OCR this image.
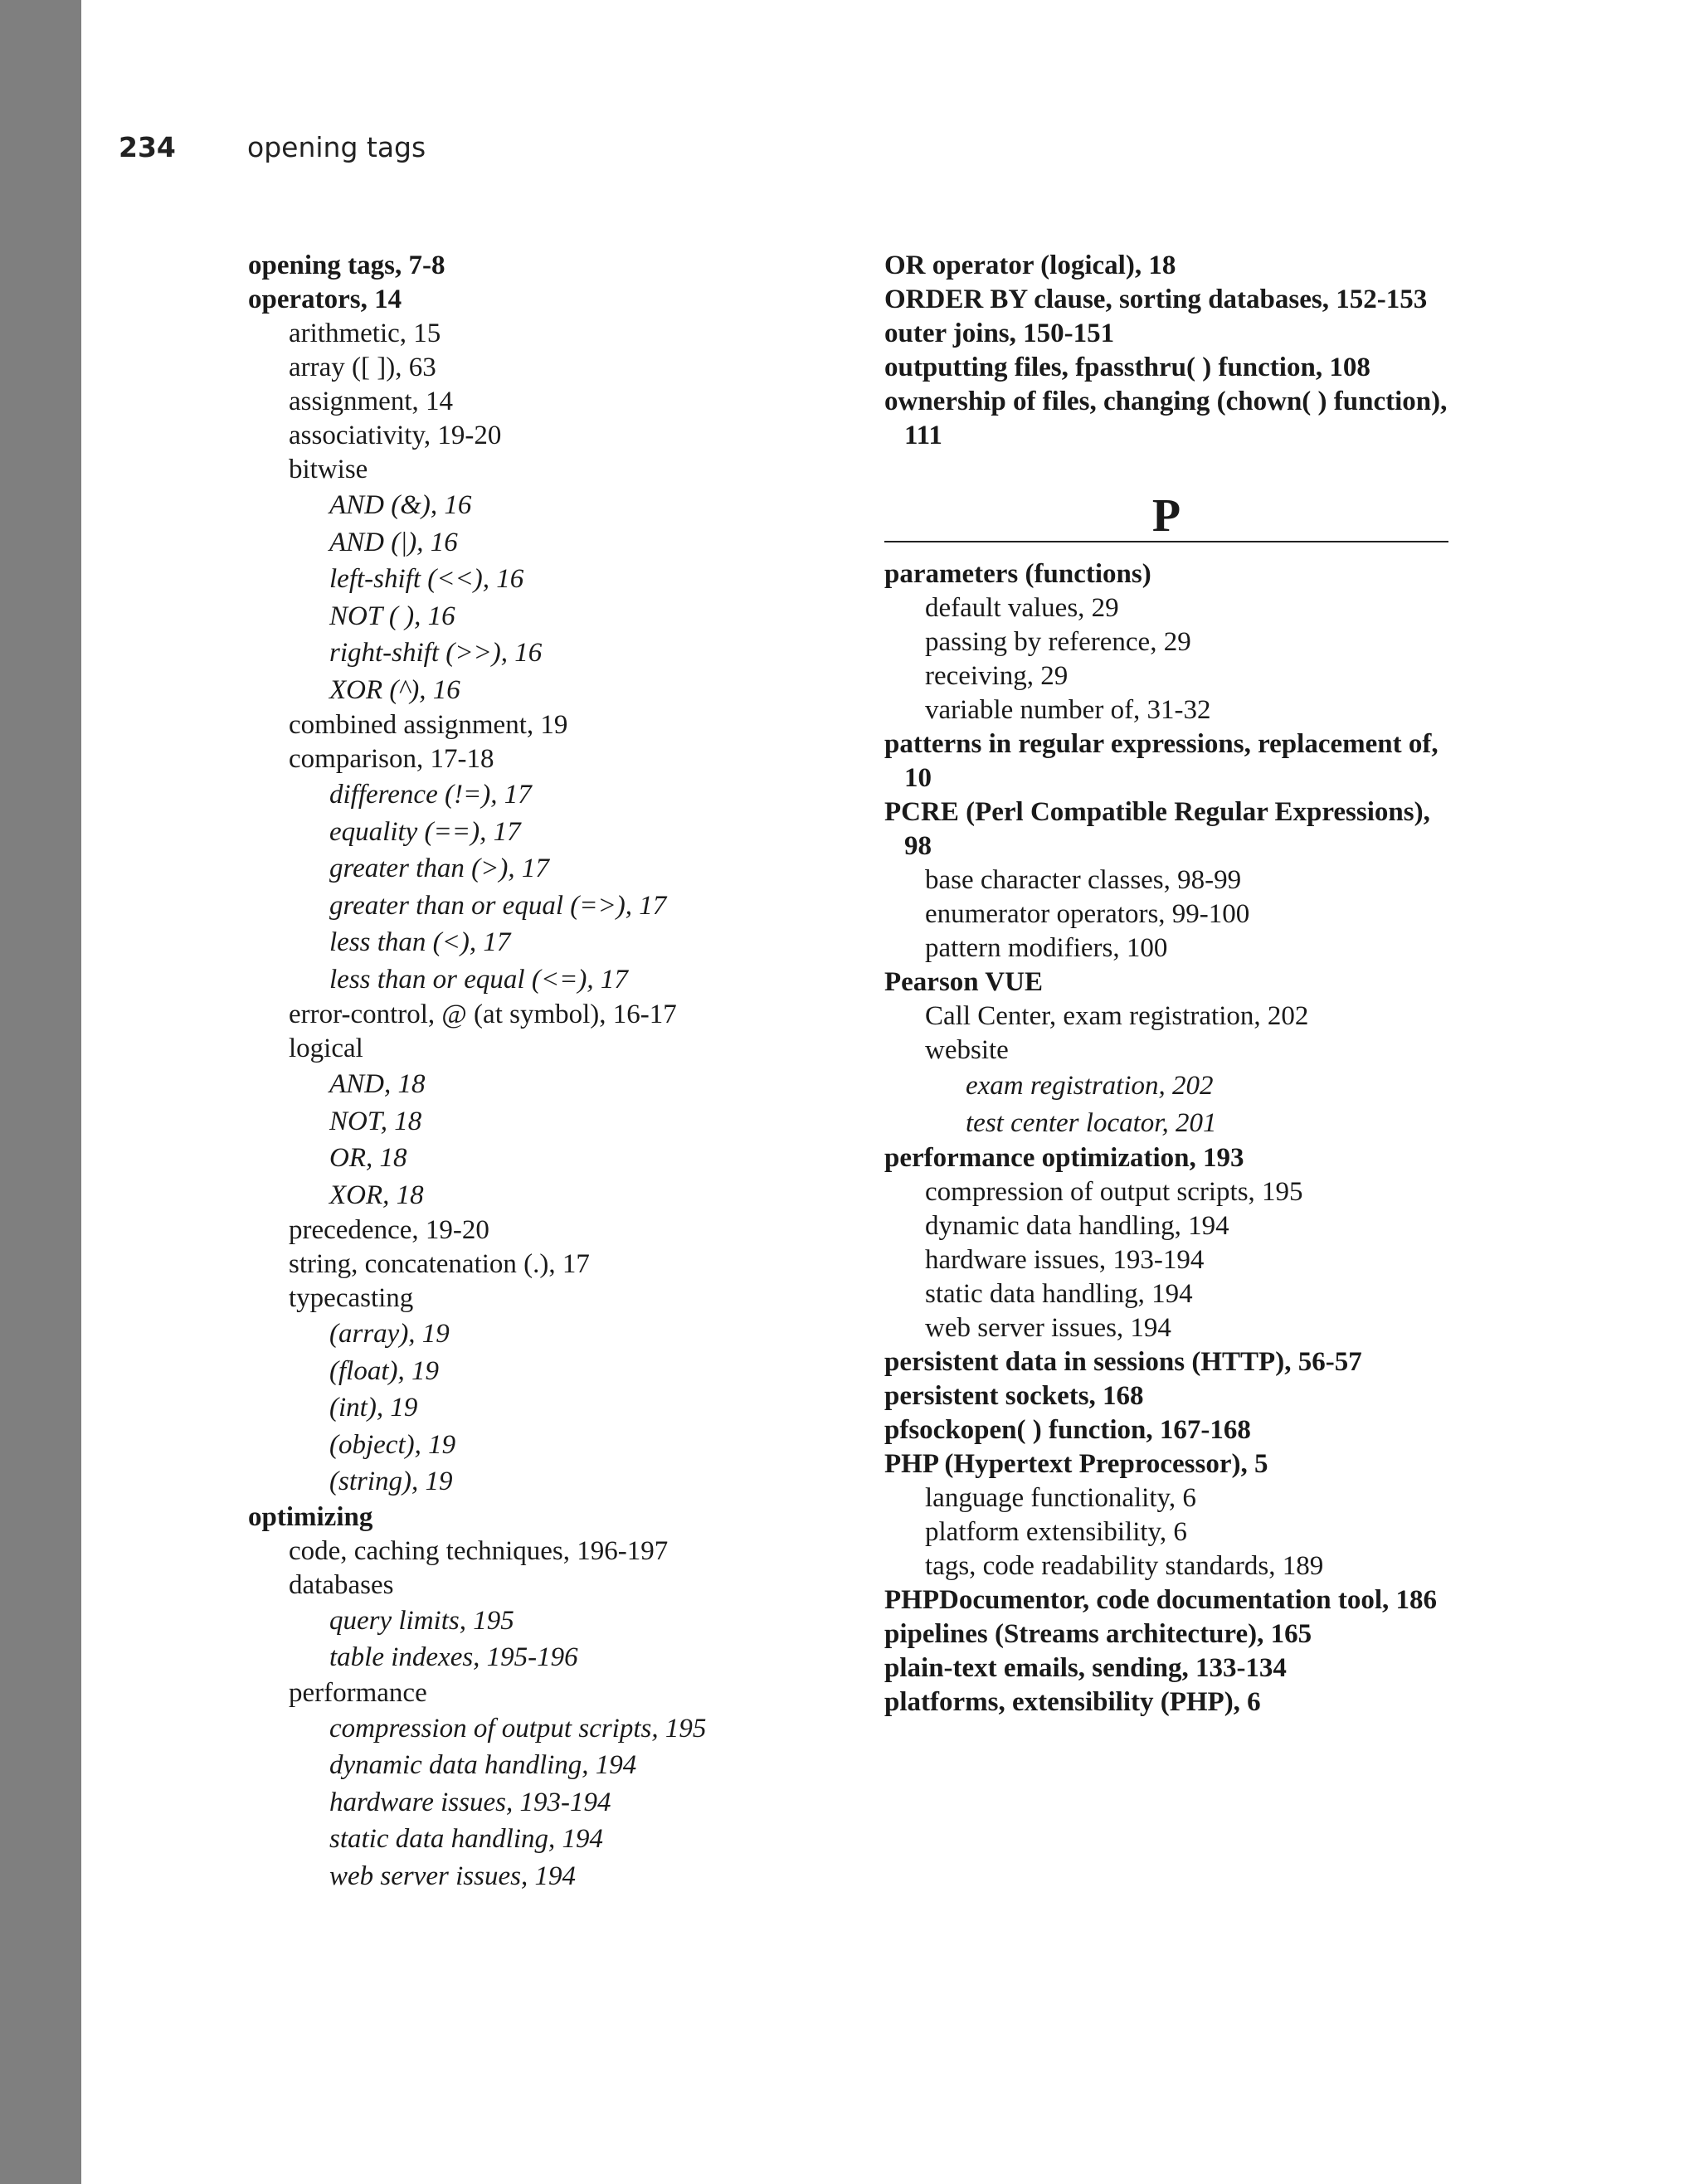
234	opening tags
opening tags, 7-8
operators, 14
arithmetic, 15
array ([ ]), 63
assignment, 14
associativity, 19-20
bitwise
AND (&), 16
AND (|), 16
left-shift (<<), 16
NOT ( ), 16
right-shift (>>), 16
XOR (^), 16
combined assignment, 19
comparison, 17-18
difference (!=), 17
equality (==), 17
greater than (>), 17
greater than or equal (=>), 17
less than (<), 17
less than or equal (<=), 17
error-control, @ (at symbol), 16-17
logical
AND, 18
NOT, 18
OR, 18
XOR, 18
precedence, 19-20
string, concatenation (.), 17
typecasting
(array), 19
(float), 19
(int), 19
(object), 19
(string), 19
optimizing
code, caching techniques, 196-197
databases
query limits, 195
table indexes, 195-196
performance
compression of output scripts, 195
dynamic data handling, 194
hardware issues, 193-194
static data handling, 194
web server issues, 194
OR operator (logical), 18
ORDER BY clause, sorting databases, 152-153
outer joins, 150-151
outputting files, fpassthru( ) function, 108
ownership of files, changing (chown( ) function), 111
P
parameters (functions)
default values, 29
passing by reference, 29
receiving, 29
variable number of, 31-32
patterns in regular expressions, replacement of, 10
PCRE (Perl Compatible Regular Expressions), 98
base character classes, 98-99
enumerator operators, 99-100
pattern modifiers, 100
Pearson VUE
Call Center, exam registration, 202
website
exam registration, 202
test center locator, 201
performance optimization, 193
compression of output scripts, 195
dynamic data handling, 194
hardware issues, 193-194
static data handling, 194
web server issues, 194
persistent data in sessions (HTTP), 56-57
persistent sockets, 168
pfsockopen( ) function, 167-168
PHP (Hypertext Preprocessor), 5
language functionality, 6
platform extensibility, 6
tags, code readability standards, 189
PHPDocumentor, code documentation tool, 186
pipelines (Streams architecture), 165
plain-text emails, sending, 133-134
platforms, extensibility (PHP), 6
